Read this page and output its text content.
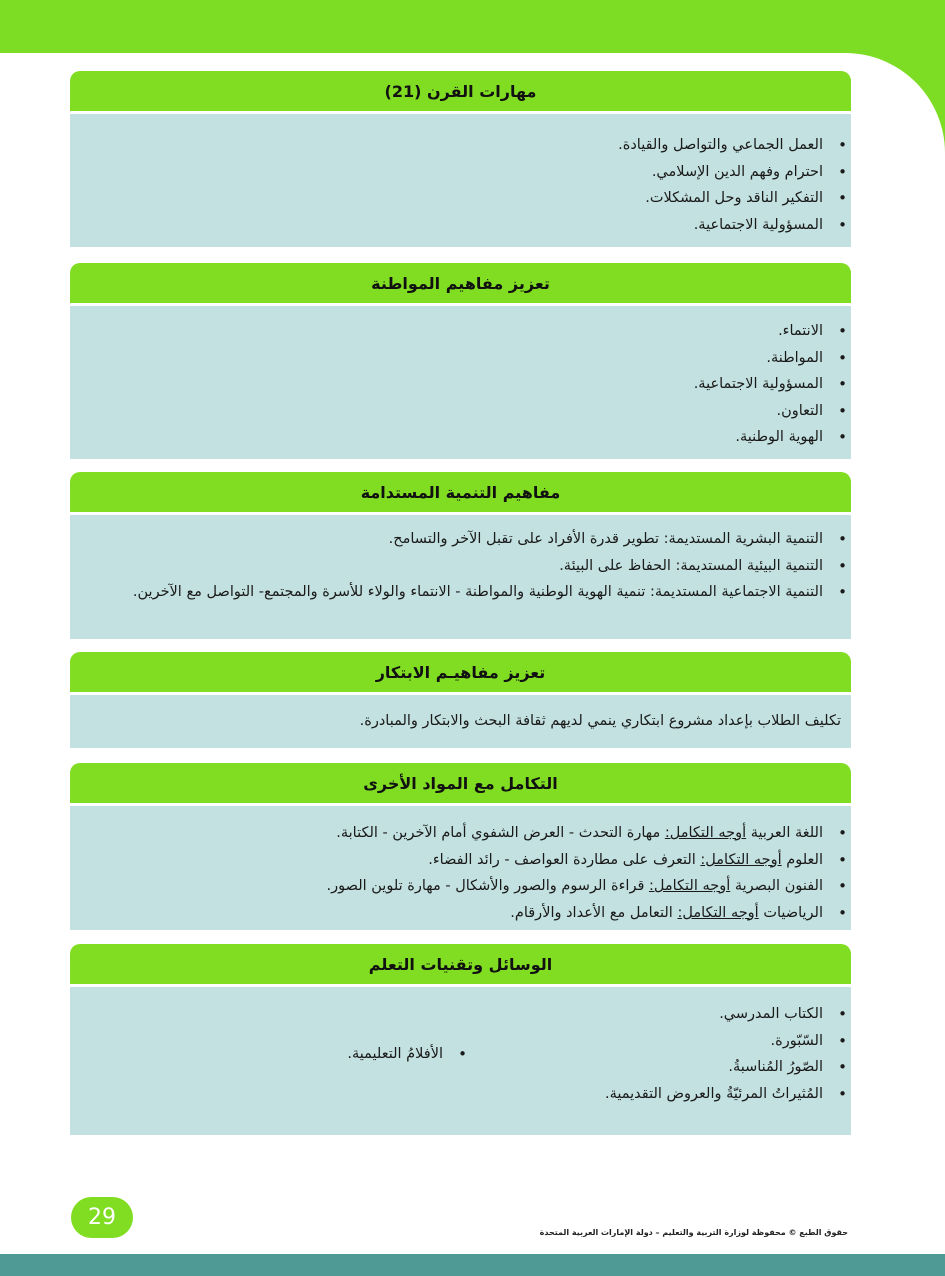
مهارات القرن (21)
• العمل الجماعي والتواصل والقيادة.
• احترام وفهم الدين الإسلامي.
• التفكير الناقد وحل المشكلات.
• المسؤولية الاجتماعية.
تعزيز مفاهيم المواطنة
• الانتماء.
• المواطنة.
• المسؤولية الاجتماعية.
• التعاون.
• الهوية الوطنية.
مفاهيم التنمية المستدامة
• التنمية البشرية المستديمة: تطوير قدرة الأفراد على تقبل الآخر والتسامح.
• التنمية البيئية المستديمة: الحفاظ على البيئة.
• التنمية الاجتماعية المستديمة: تنمية الهوية الوطنية والمواطنة - الانتماء والولاء للأسرة والمجتمع- التواصل مع الآخرين.
تعزيز مفاهيـم الابتكار
تكليف الطلاب بإعداد مشروع ابتكاري ينمي لديهم ثقافة البحث والابتكار والمبادرة.
التكامل مع المواد الأخرى
• اللغة العربية أوجه التكامل: مهارة التحدث - العرض الشفوي أمام الآخرين - الكتابة.
• العلوم أوجه التكامل: التعرف على مطاردة العواصف - رائد الفضاء.
• الفنون البصرية أوجه التكامل: قراءة الرسوم والصور والأشكال - مهارة تلوين الصور.
• الرياضيات أوجه التكامل: التعامل مع الأعداد والأرقام.
الوسائل وتقنيات التعلم
• الكتاب المدرسي.
• السّبّورة.
• الصّورُ المُناسبةُ.
• المُثيراتُ المرئيّةُ والعروض التقديمية.
• الأفلامُ التعليمية.
29
حقوق الطبع © محفوظة لوزارة التربية والتعليم – دولة الإمارات العربية المتحدة
